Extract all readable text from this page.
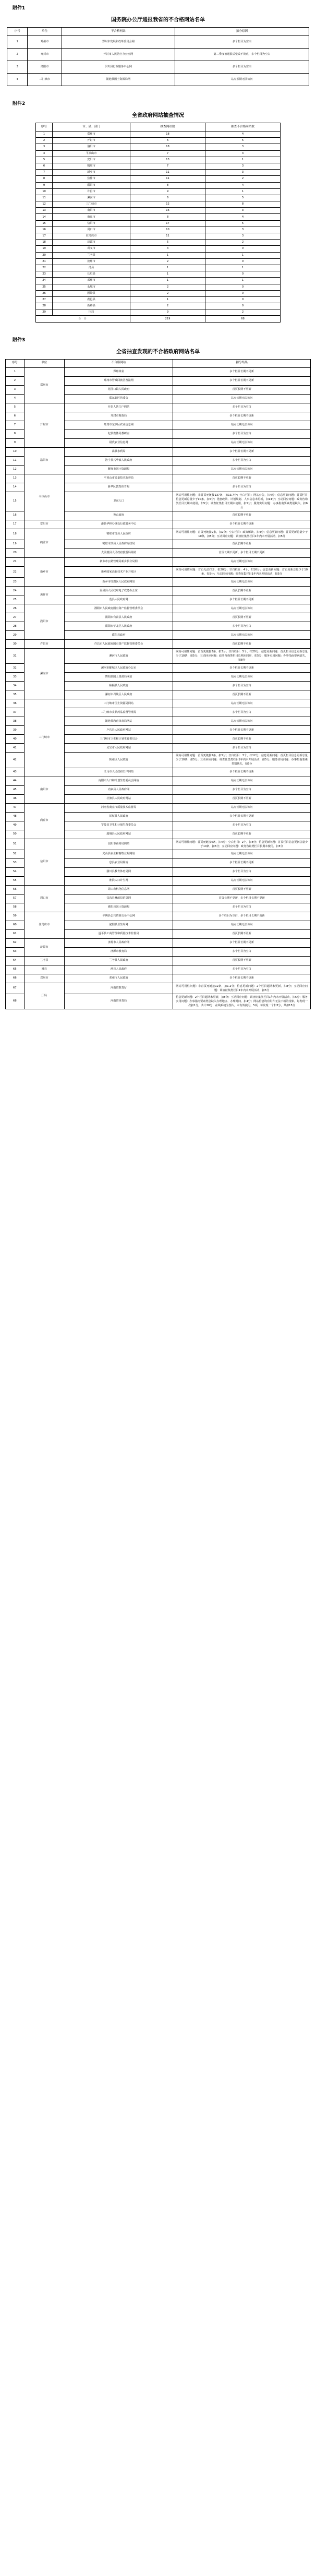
附件1
国务院办公厅通报我省的不合格网站名单
序号	单位	不合格网站	扣分原因
1	郑州市	郑州市发展和改革委员会网	多个栏目为空白
2	开封市	开封市人民防空办公室网	第二季度被通报后整改不彻底，多个栏目为空白
3	洛阳市	伊川县行政服务中心网	多个栏目为空白
4	三门峡市	渑池县国土资源局网	站点长期无法访问
附件2
全省政府网站抽查情况
序号	市、县、部门	抽查网站数	抽查不合格网站数
1	郑州市	18	4
2	开封市	6	5
3	洛阳市	18	3
4	平顶山市	7	4
5	安阳市	13	1
6	鹤壁市	7	3
7	新乡市	11	3
8	焦作市	11	2
9	濮阳市	8	4
10	许昌市	9	1
11	漯河市	6	5
12	三门峡市	12	8
13	南阳市	16	3
14	商丘市	8	4
15	信阳市	17	5
16	周口市	10	3
17	驻马店市	11	3
18	济源市	5	2
19	巩义市	4	0
20	兰考县	1	1
21	汝州市	2	0
22	滑县	1	1
23	长垣县	1	0
24	邓州市	1	1
25	永城市	2	0
26	固始县	2	0
27	鹿邑县	1	0
28	新蔡县	2	0
29	厅局	9	2
合 计		219	68
附件3
全省抽查发现的不合格政府网站名单
序号	单位	不合格网站	扣分结果
1	郑州市	郑州林业	多个栏目长期不更新
2		郑州市管城回族区普法网	多个栏目长期不更新
3		花园口镇人民政府	首页长期不更新
4		郑东新区管委会	站点长期无法访问
5	开封市	开封人防门户网站	多个栏目为空白
6		开封市财政局	多个栏目长期不更新
7		开封市龙亭区农业信息网	站点长期无法访问
8		杞县教体局教研室	多个栏目为空白
9		尉氏农业信息网	站点长期无法访问
10	洛阳市	嵩县水利局	多个栏目长期不更新
11		洛宁县兴华镇人民政府	多个栏目为空白
12		偃师市国土资源局	站点长期无法访问
13	平顶山市	平顶山市质量技术监督局	首页长期不更新
14		新华区教育体育局	多个栏目为空白
15		卫东人口	网站可用性问题：非首页死链接137条，扣13.7分；空白栏目：网站公告，扣4分；信息更新问题：首页栏目信息更新总量少于10条，扣5分；优惠政策、计划规划、人事信息未更新，扣14分；互动回应问题：政务咨询类栏目长期未使用，扣5分；调查征集栏目长期未使用，扣5分；服务实用问题：办事指南要素类别缺失，扣6分
16		鲁山政府	首页长期不更新
17	安阳市	滑县华林办事处行政服务中心	多个栏目长期不更新
18	鹤壁市	鹤壁市浚县人民政府	网站可用性问题：首页死链接2条，扣2分；空白栏目：政策解读，扣4分；信息更新问题：首页更新总量少于10条，扣5分；互动回应问题：调查征集类栏目1年内未开展活动，扣5分
19		鹤壁市淇县人民政府财政局	首页长期不更新
20		大美浚县人民政府旅游局网站	首页长期不更新、多个栏目长期不更新
21	新乡市	新乡市公路管理局新乡县分局网	站点长期无法访问
22		新乡国家高新技术产业开发区	网站可用性问题：首页无法打开，扣20分；空白栏目：4个，扣16分；信息更新问题：首页更新总量少于10条，扣5分；互动回应问题：调查征集栏目1年内未开展活动，扣5分
23		新乡市红旗区人民政府网站	站点长期无法访问
24	焦作市	温县县人民政府电子政务办公室	首页长期不更新
25		范县人民政府网	多个栏目长期不更新
26	濮阳市	濮阳市人民政府国有资产监督管理委员会	站点长期无法访问
27		濮阳市台前县人民政府	首页长期不更新
28		濮阳市华龙区人民政府	多个栏目为空白
29		濮阳县政府	站点长期无法访问
30	许昌市	许昌市人民政府国有资产监督管理委员会	首页长期不更新
31	漯河市	漯河市人民政府	网站可用性问题：首页死链接3条，扣3分；空白栏目：5个，扣20分；信息更新问题：首页栏目信息更新总量少于10条，扣5分；互动回应问题：政务咨询类栏目长期未回应，扣5分；服务实用问题：办事指南要素缺失，扣8分
32		漯河市郾城区人民政府办公室	多个栏目长期不更新
33		舞阳县国土资源局网站	站点长期无法访问
34		临颍县人民政府	多个栏目为空白
35		漯河市召陵区人民政府	首页长期不更新
36	三门峡市	三门峡市国土资源局网站	站点长期无法访问
37		三门峡市食品药品监督管理局	多个栏目为空白
38		渑池县教育体育局网站	站点长期无法访问
39		卢氏县人民政府网站	多个栏目长期不更新
40		三门峡市卫生和计划生育委员会	首页长期不更新
41		灵宝市人民政府网站	多个栏目为空白
42		陕州区人民政府	网站可用性问题：首页死链接5条，扣5分；空白栏目：3个，扣12分；信息更新问题：首页栏目信息更新总量少于10条，扣5分；互动回应问题：调查征集类栏目1年内未开展活动，扣5分；服务实用问题：办事指南要素类别缺失，扣6分
43		义马市人民政府门户网站	多个栏目长期不更新
44	南阳市	南阳市人口和计划生育委员会网站	站点长期无法访问
45		内乡县人民政府网	多个栏目为空白
46		社旗县人民政府网站	首页长期不更新
47	商丘市	河南省商丘市质量技术监督局	站点长期无法访问
48		民权县人民政府	多个栏目长期不更新
49		宁陵县卫生和计划生育委员会	多个栏目为空白
50		虞城县人民政府网站	首页长期不更新
51	信阳市	信阳市商务局网站	网站可用性问题：首页死链接4条，扣4分；空白栏目：2个，扣8分；信息更新问题：首页栏目信息更新总量少于10条，扣5分；互动回应问题：政务咨询类栏目长期未使用，扣5分
52		光山县农业和畜牧业局网站	站点长期无法访问
53		息县农业局网站	多个栏目长期不更新
54		潢川县教育体育局网	多个栏目为空白
55		淮滨人口计生网	站点长期无法访问
56	周口市	周口农机化信息网	首页长期不更新
57		扶沟县财政局信息网	首页长期不更新，多个栏目长期不更新
58		淮阳县国土资源局	多个栏目为空白
59	驻马店市	平舆县公共资源交易中心网	多个栏目为空白，多个栏目长期不更新
60		泌阳县卫生局网	站点长期无法访问
61		遂平县工商管理和质量技术监督局	首页长期不更新
62	济源市	济源市人民政府网	多个栏目长期不更新
63		济源市教育局	多个栏目为空白
64	兰考县	兰考县人民政府	首页长期不更新
65	滑县	滑县人民政府	多个栏目为空白
66	邓州市	邓州市人民政府	多个栏目长期不更新
67	厅局	河南省教育厅	网站可用性问题：非首页死链接12条，扣1.2分；信息更新问题：2个栏目超期未更新，扣8分；互动回应问题：调查征集类栏目1年内未开展活动，扣5分
68		河南省体育局	信息更新问题：2个栏目超期未更新，扣8分；互动回应问题：调查征集类栏目1年内未开展活动，扣5分；服务实用问题：办事指南要素类别缺失办理地点、办理时间，扣4分；网站信息均有附件无法下载的现象，每发现一次扣1分，共计20分；在线系统为图片，未有效使用，5项，每发现一个扣3分，共扣15分
